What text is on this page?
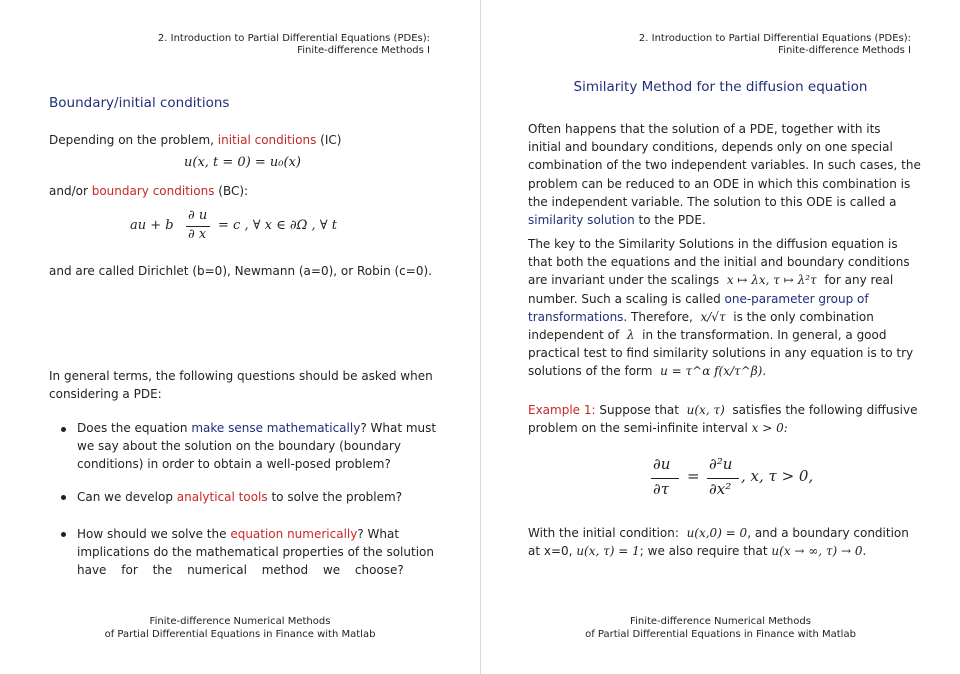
2. Introduction to Partial Differential Equations (PDEs):
Finite-difference Methods I
Boundary/initial conditions
Depending on the problem, initial conditions (IC)
u(x, t = 0) = u₀(x)
and/or boundary conditions (BC):
au + b
∂ u
∂ x
= c , ∀ x ∈ ∂Ω , ∀ t
and are called Dirichlet (b=0), Newmann (a=0), or Robin (c=0).
In general terms, the following questions should be asked when
considering a PDE:
Does the equation make sense mathematically? What must
we say about the solution on the boundary (boundary
conditions) in order to obtain a well-posed problem?
Can we develop analytical tools to solve the problem?
How should we solve the equation numerically? What
implications do the mathematical properties of the solution
have for the numerical method we choose?
Finite-difference Numerical Methods
of Partial Differential Equations in Finance with Matlab
2. Introduction to Partial Differential Equations (PDEs):
Finite-difference Methods I
Similarity Method for the diffusion equation
Often happens that the solution of a PDE, together with its
initial and boundary conditions, depends only on one special
combination of the two independent variables. In such cases, the
problem can be reduced to an ODE in which this combination is
the independent variable. The solution to this ODE is called a
similarity solution to the PDE.
The key to the Similarity Solutions in the diffusion equation is
that both the equations and the initial and boundary conditions
are invariant under the scalings x ↦ λx, τ ↦ λ²τ for any real
number. Such a scaling is called one-parameter group of
transformations. Therefore, x/√τ is the only combination
independent of λ in the transformation. In general, a good
practical test to find similarity solutions in any equation is to try
solutions of the form u = τ^α f(x/τ^β).
Example 1: Suppose that u(x, τ) satisfies the following diffusive
problem on the semi-infinite interval x > 0:
∂u
∂τ
=
∂²u
∂x²
, x, τ > 0,
With the initial condition: u(x,0) = 0, and a boundary condition
at x=0, u(x, τ) = 1; we also require that u(x → ∞, τ) → 0.
Finite-difference Numerical Methods
of Partial Differential Equations in Finance with Matlab
